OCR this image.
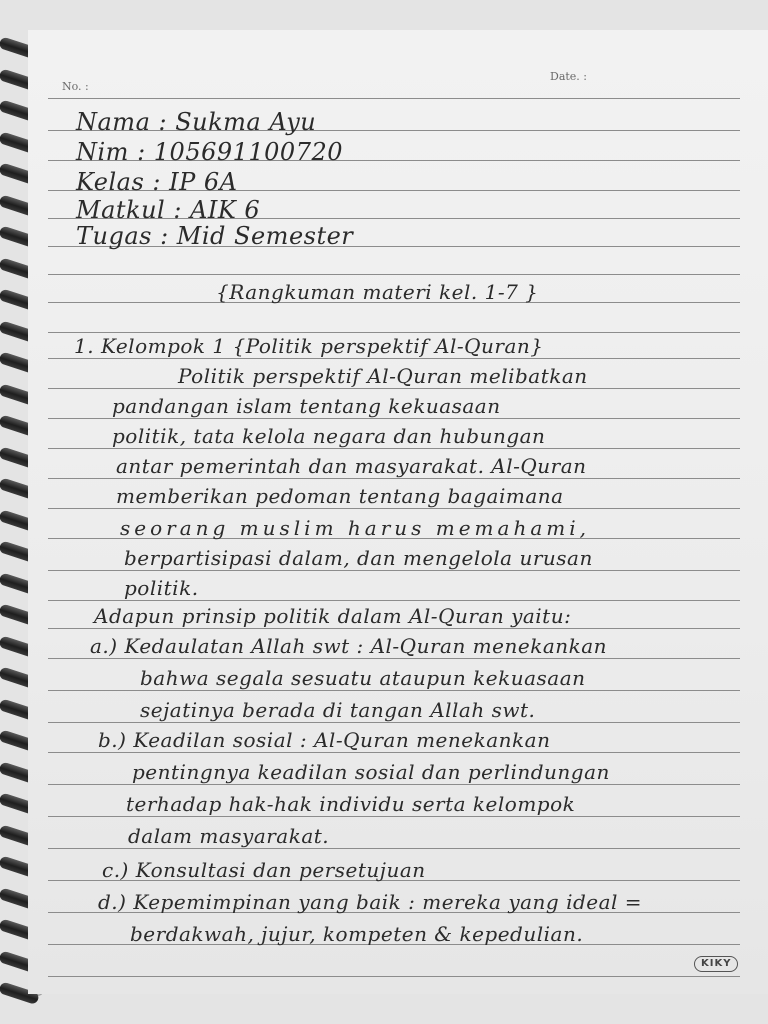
No. :
Date. :
Nama : Sukma Ayu
Nim : 105691100720
Kelas : IP 6A
Matkul : AIK 6
Tugas : Mid Semester
{Rangkuman materi kel. 1-7 }
1. Kelompok 1 {Politik perspektif Al-Quran}
Politik perspektif Al-Quran melibatkan
pandangan islam tentang kekuasaan
politik, tata kelola negara dan hubungan
antar pemerintah dan masyarakat. Al-Quran
memberikan pedoman tentang bagaimana
seorang muslim harus memahami,
berpartisipasi dalam, dan mengelola urusan
politik.
Adapun prinsip politik dalam Al-Quran yaitu:
a.) Kedaulatan Allah swt : Al-Quran menekankan
bahwa segala sesuatu ataupun kekuasaan
sejatinya berada di tangan Allah swt.
b.) Keadilan sosial : Al-Quran menekankan
pentingnya keadilan sosial dan perlindungan
terhadap hak-hak individu serta kelompok
dalam masyarakat.
c.) Konsultasi dan persetujuan
d.) Kepemimpinan yang baik : mereka yang ideal =
berdakwah, jujur, kompeten & kepedulian.
KIKY
